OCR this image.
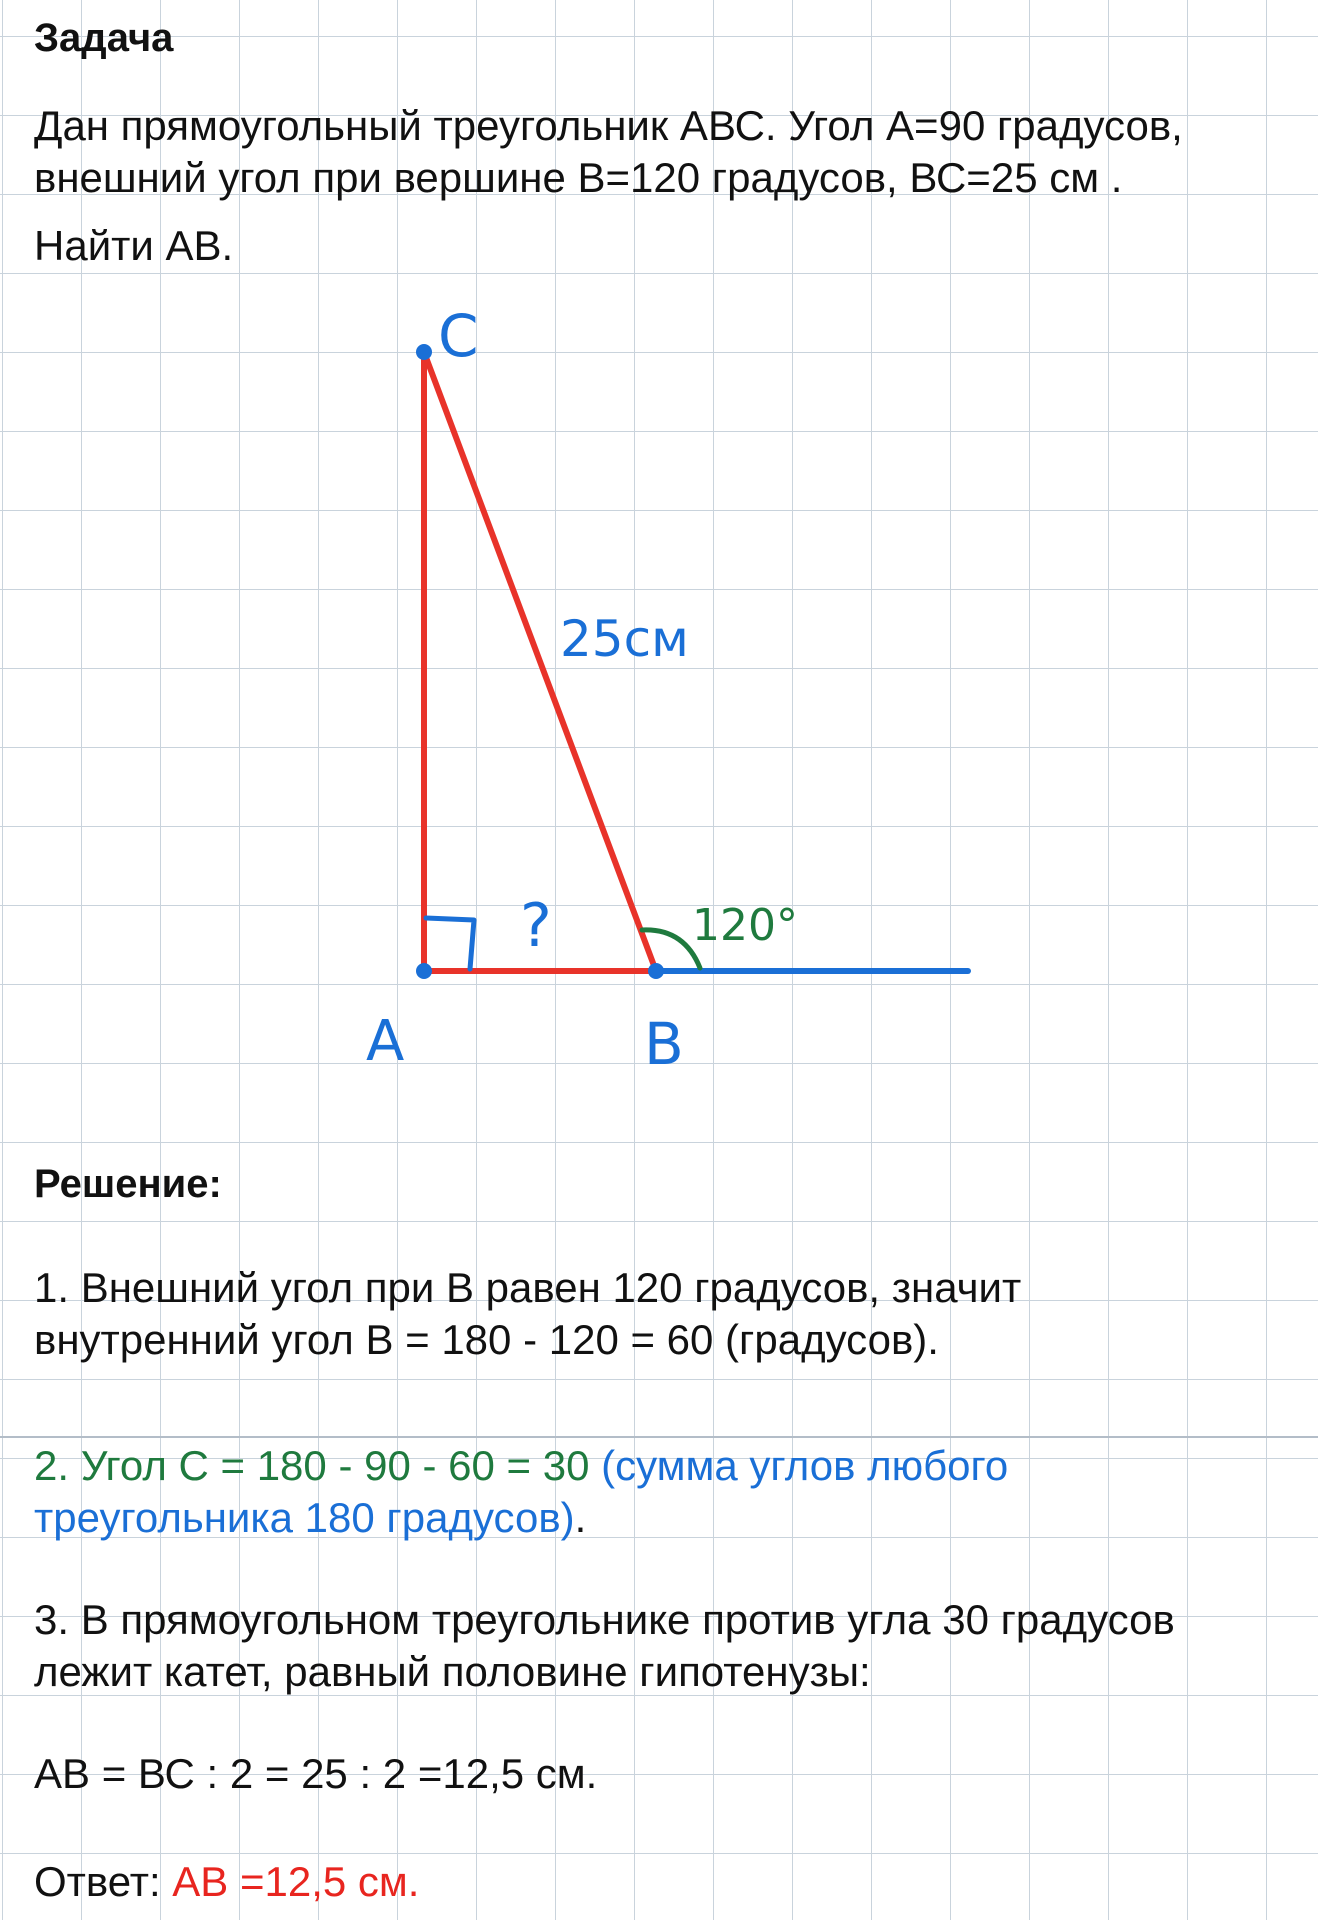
Задача

Дан прямоугольный треугольник АВС. Угол А=90 градусов,

внешний угол при вершине В=120 градусов, ВС=25 см .

Найти АВ.

C
A	B
25см
?	120°

Решение:

1. Внешний угол при В равен 120 градусов, значит

внутренний угол В = 180 - 120 = 60 (градусов).

2. Угол С = 180 - 90 - 60 = 30 (сумма углов любого

треугольника 180 градусов).

3. В прямоугольном треугольнике против угла 30 градусов

лежит катет, равный половине гипотенузы:

АВ = ВС : 2 = 25 : 2 =12,5 см.

Ответ: АВ =12,5 см.
